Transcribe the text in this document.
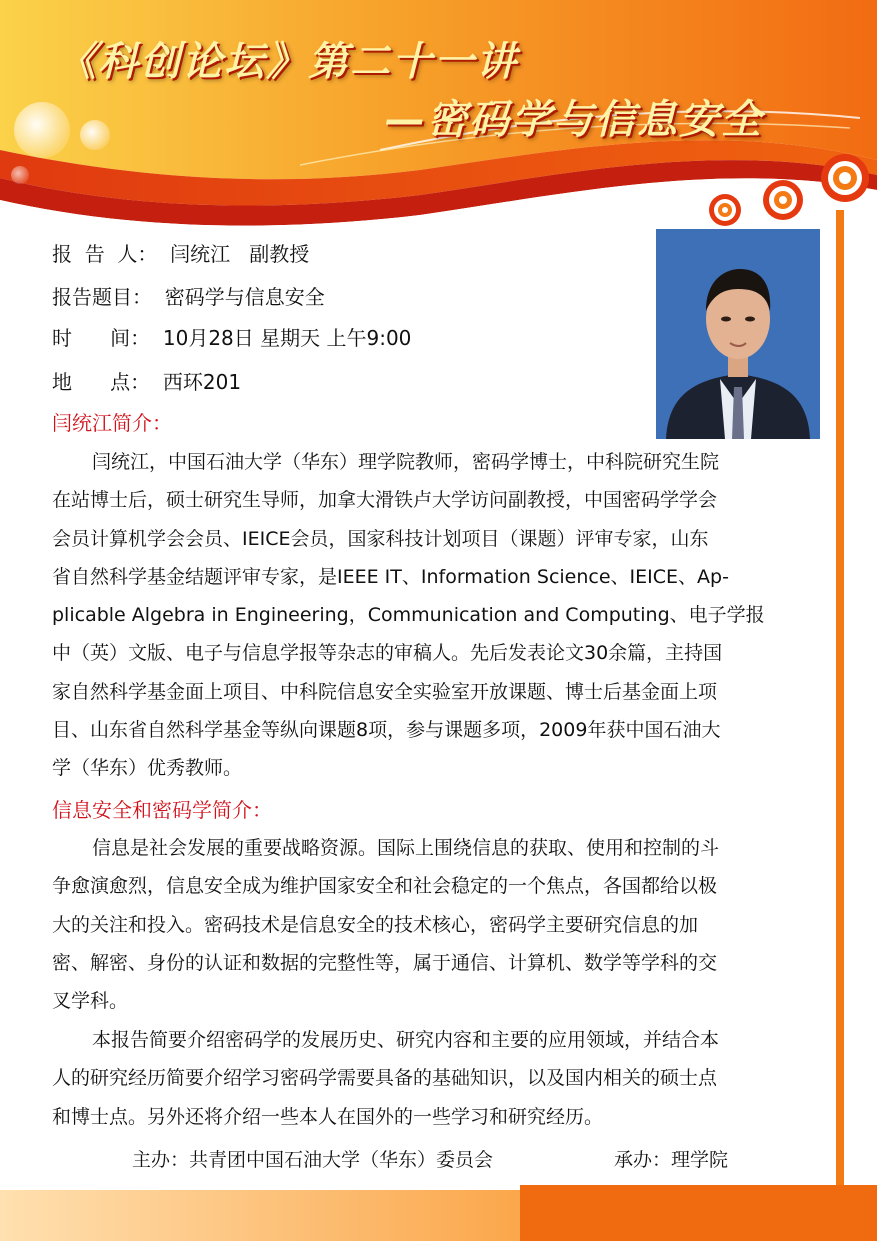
《科创论坛》第二十一讲
—密码学与信息安全
报  告  人： 闫统江   副教授
报告题目： 密码学与信息安全
时      间： 10月28日 星期天 上午9:00
地      点： 西环201
闫统江简介：
闫统江，中国石油大学（华东）理学院教师，密码学博士，中科院研究生院
在站博士后，硕士研究生导师，加拿大滑铁卢大学访问副教授，中国密码学学会
会员计算机学会会员、IEICE会员，国家科技计划项目（课题）评审专家，山东
省自然科学基金结题评审专家，是IEEE IT、Information Science、IEICE、Ap-
plicable Algebra in Engineering，Communication and Computing、电子学报
中（英）文版、电子与信息学报等杂志的审稿人。先后发表论文30余篇，主持国
家自然科学基金面上项目、中科院信息安全实验室开放课题、博士后基金面上项
目、山东省自然科学基金等纵向课题8项，参与课题多项，2009年获中国石油大
学（华东）优秀教师。
信息安全和密码学简介：
信息是社会发展的重要战略资源。国际上围绕信息的获取、使用和控制的斗
争愈演愈烈，信息安全成为维护国家安全和社会稳定的一个焦点，各国都给以极
大的关注和投入。密码技术是信息安全的技术核心，密码学主要研究信息的加
密、解密、身份的认证和数据的完整性等，属于通信、计算机、数学等学科的交
叉学科。
本报告简要介绍密码学的发展历史、研究内容和主要的应用领域，并结合本
人的研究经历简要介绍学习密码学需要具备的基础知识，以及国内相关的硕士点
和博士点。另外还将介绍一些本人在国外的一些学习和研究经历。
主办：共青团中国石油大学（华东）委员会	承办：理学院
